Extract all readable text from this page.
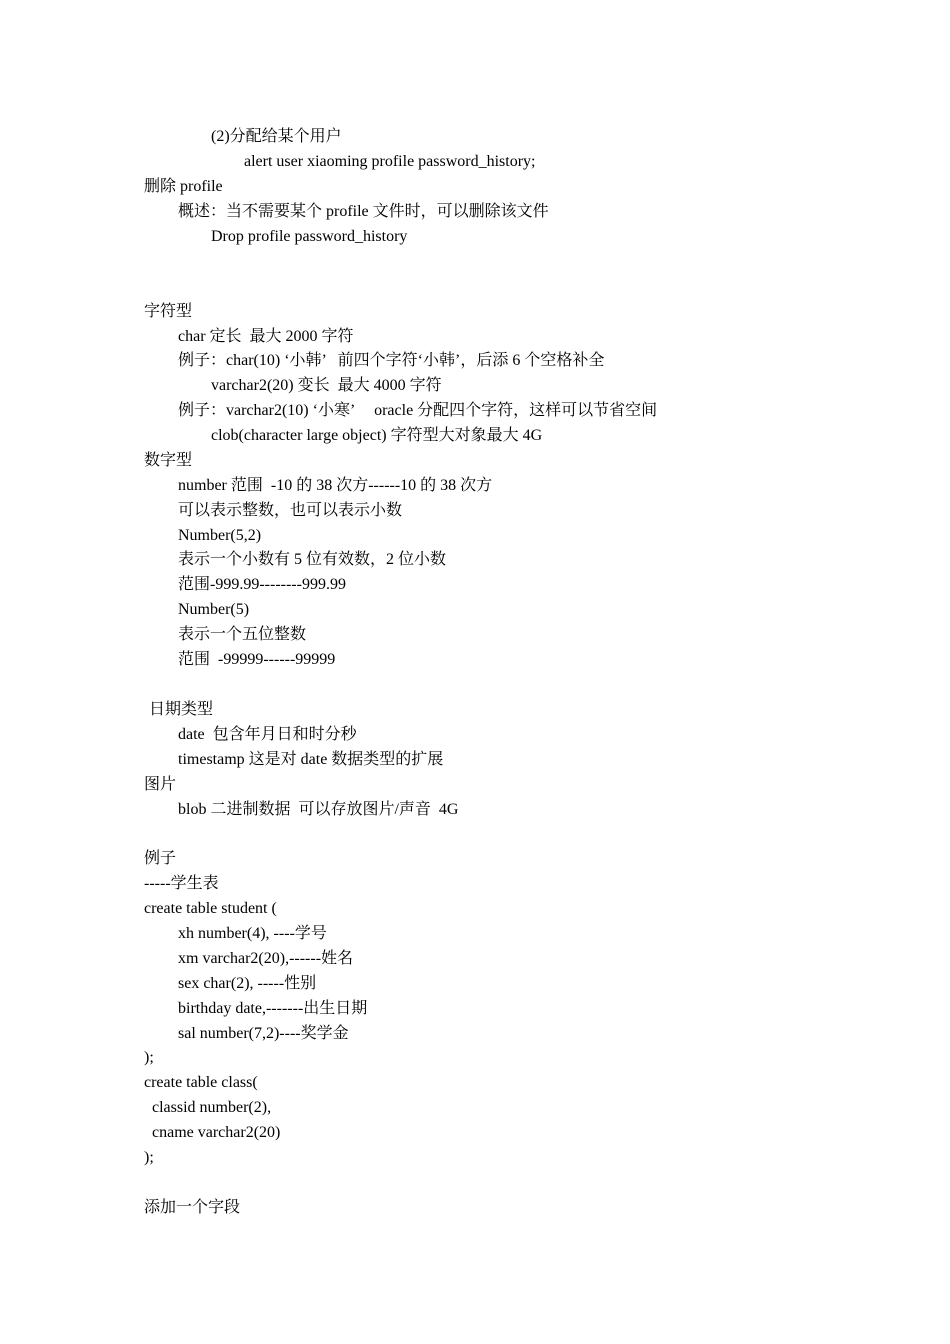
(2)分配给某个用户
alert user xiaoming profile password_history;
删除 profile
概述：当不需要某个 profile 文件时，可以删除该文件
Drop profile password_history
字符型
char 定长  最大 2000 字符
例子：char(10) ‘小韩’   前四个字符‘小韩’，后添 6 个空格补全
varchar2(20) 变长  最大 4000 字符
例子：varchar2(10) ‘小寒’     oracle 分配四个字符，这样可以节省空间
clob(character large object) 字符型大对象最大 4G
数字型
number 范围  -10 的 38 次方------10 的 38 次方
可以表示整数，也可以表示小数
Number(5,2)
表示一个小数有 5 位有效数，2 位小数
范围-999.99--------999.99
Number(5)
表示一个五位整数
范围  -99999------99999
日期类型
date  包含年月日和时分秒
timestamp 这是对 date 数据类型的扩展
图片
blob 二进制数据  可以存放图片/声音  4G
例子
-----学生表
create table student (
xh number(4), ----学号
xm varchar2(20),------姓名
sex char(2), -----性别
birthday date,-------出生日期
sal number(7,2)----奖学金
);
create table class(
classid number(2),
cname varchar2(20)
);
添加一个字段
